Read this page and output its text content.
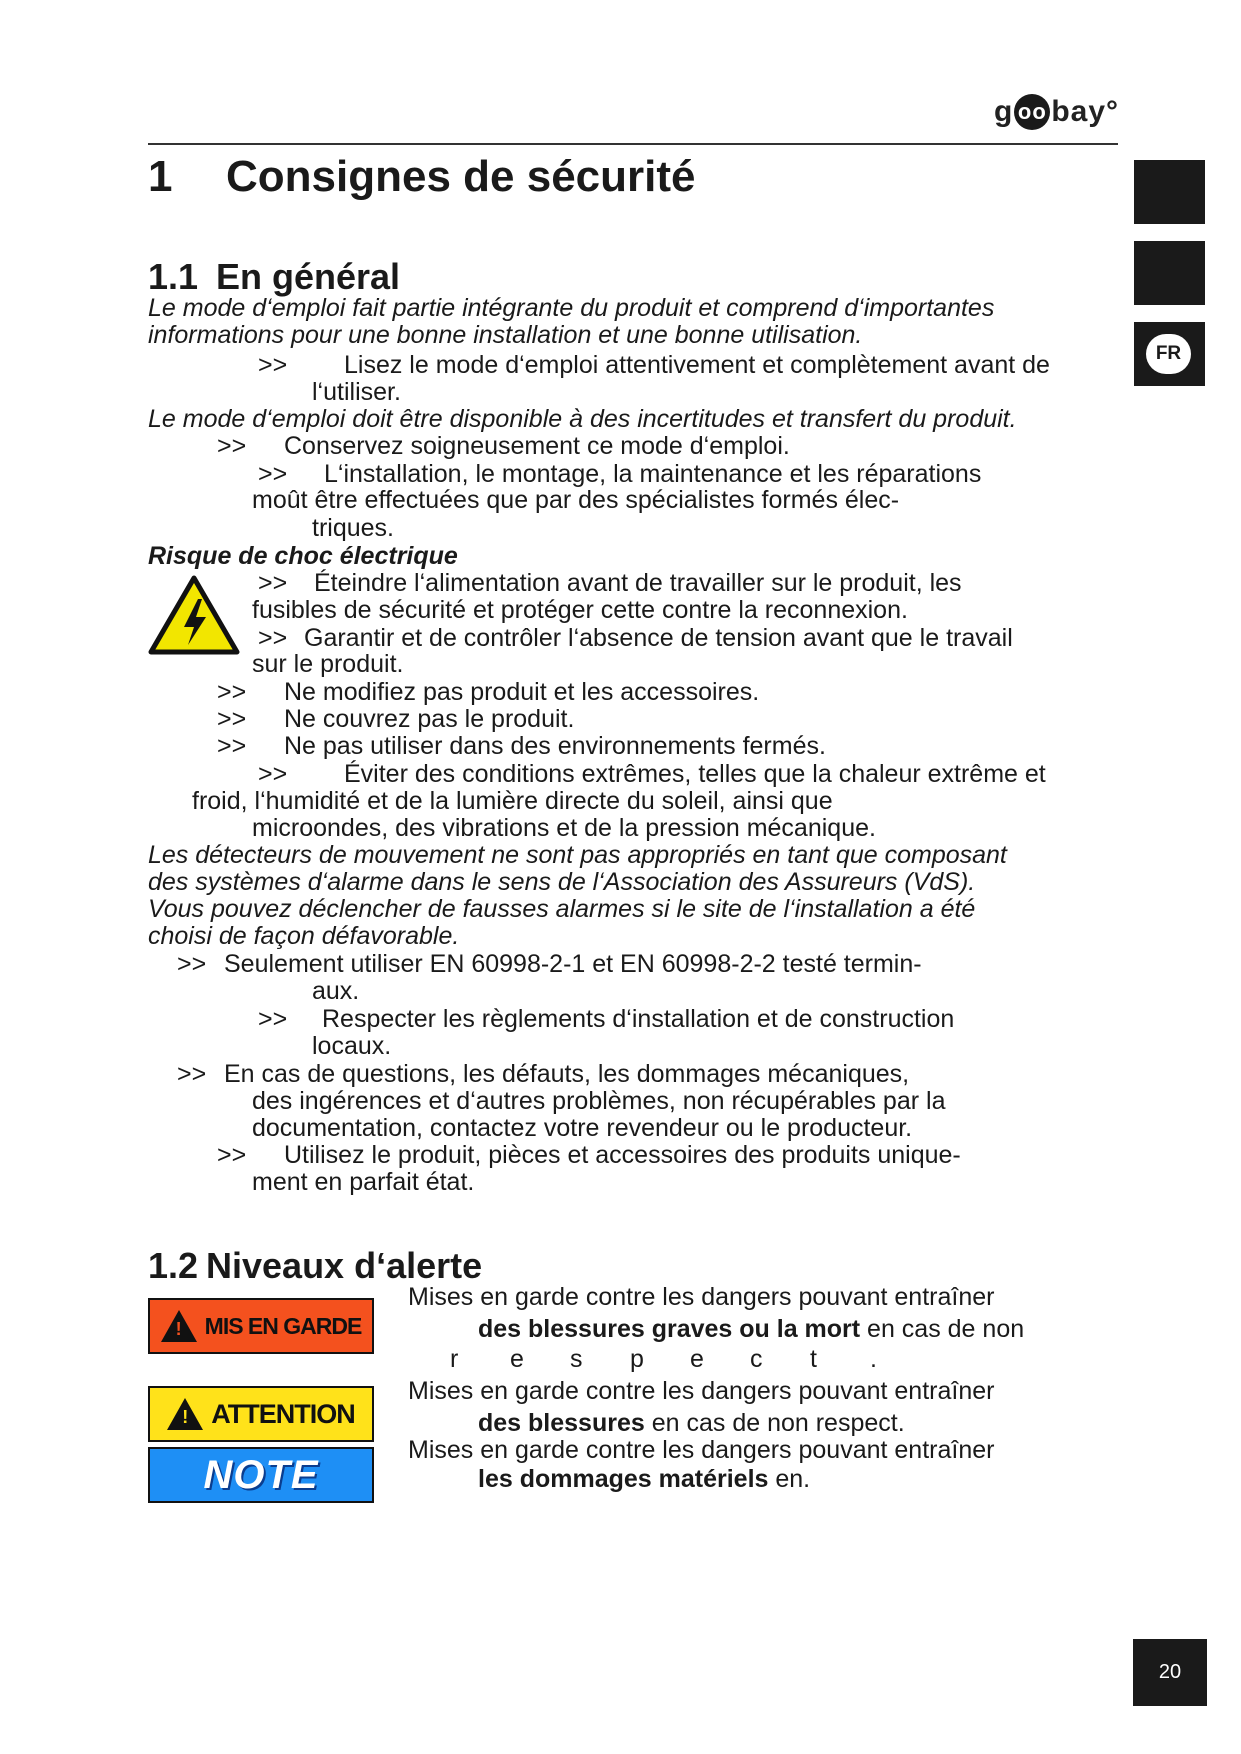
g oo bay°
FR
1 Consignes de sécurité
1.1 En général
Le mode d‘emploi fait partie intégrante du produit et comprend d‘importantes
informations pour une bonne installation et une bonne utilisation.
>> Lisez le mode d‘emploi attentivement et complètement avant de
l‘utiliser.
Le mode d‘emploi doit être disponible à des incertitudes et transfert du produit.
>> Conservez soigneusement ce mode d‘emploi.
>> L‘installation, le montage, la maintenance et les réparations
moût être effectuées que par des spécialistes formés élec-
triques.
Risque de choc électrique
>> Éteindre l‘alimentation avant de travailler sur le produit, les
fusibles de sécurité et protéger cette contre la reconnexion.
>> Garantir et de contrôler l‘absence de tension avant que le travail
sur le produit.
>> Ne modifiez pas produit et les accessoires.
>> Ne couvrez pas le produit.
>> Ne pas utiliser dans des environnements fermés.
>> Éviter des conditions extrêmes, telles que la chaleur extrême et
froid, l‘humidité et de la lumière directe du soleil, ainsi que
microondes, des vibrations et de la pression mécanique.
Les détecteurs de mouvement ne sont pas appropriés en tant que composant
des systèmes d‘alarme dans le sens de l‘Association des Assureurs (VdS).
Vous pouvez déclencher de fausses alarmes si le site de l‘installation a été
choisi de façon défavorable.
>> Seulement utiliser EN 60998-2-1 et EN 60998-2-2 testé termin-
aux.
>> Respecter les règlements d‘installation et de construction
locaux.
>> En cas de questions, les défauts, les dommages mécaniques,
des ingérences et d‘autres problèmes, non récupérables par la
documentation, contactez votre revendeur ou le producteur.
>> Utilisez le produit, pièces et accessoires des produits unique-
ment en parfait état.
1.2 Niveaux d‘alerte
!
MIS EN GARDE
Mises en garde contre les dangers pouvant entraîner
des blessures graves ou la mort en cas de non
r e s p e c t .
!
ATTENTION
Mises en garde contre les dangers pouvant entraîner
des blessures en cas de non respect.
NOTE
Mises en garde contre les dangers pouvant entraîner
les dommages matériels en.
20
